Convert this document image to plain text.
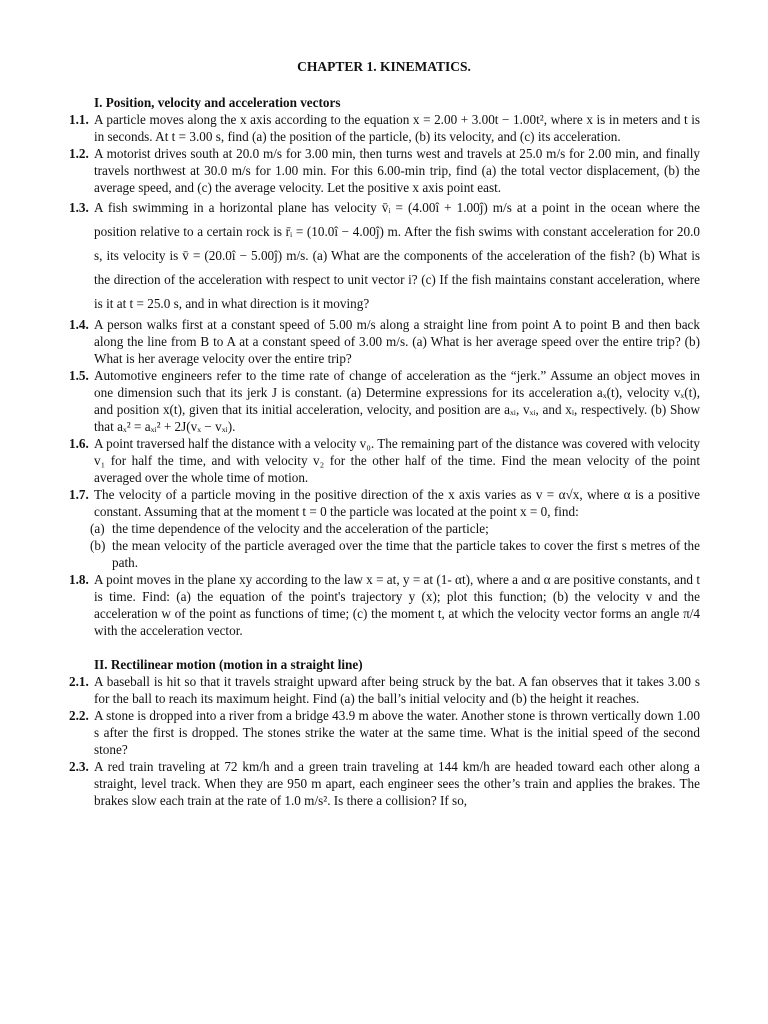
CHAPTER 1. KINEMATICS.
I. Position, velocity and acceleration vectors
1.1. A particle moves along the x axis according to the equation x = 2.00 + 3.00t − 1.00t², where x is in meters and t is in seconds. At t = 3.00 s, find (a) the position of the particle, (b) its velocity, and (c) its acceleration.
1.2. A motorist drives south at 20.0 m/s for 3.00 min, then turns west and travels at 25.0 m/s for 2.00 min, and finally travels northwest at 30.0 m/s for 1.00 min. For this 6.00-min trip, find (a) the total vector displacement, (b) the average speed, and (c) the average velocity. Let the positive x axis point east.
1.3. A fish swimming in a horizontal plane has velocity v̄ᵢ = (4.00î + 1.00ĵ) m/s at a point in the ocean where the position relative to a certain rock is r̄ᵢ = (10.0î − 4.00ĵ) m. After the fish swims with constant acceleration for 20.0 s, its velocity is v̄ = (20.0î − 5.00ĵ) m/s. (a) What are the components of the acceleration of the fish? (b) What is the direction of the acceleration with respect to unit vector i? (c) If the fish maintains constant acceleration, where is it at t = 25.0 s, and in what direction is it moving?
1.4. A person walks first at a constant speed of 5.00 m/s along a straight line from point A to point B and then back along the line from B to A at a constant speed of 3.00 m/s. (a) What is her average speed over the entire trip? (b) What is her average velocity over the entire trip?
1.5. Automotive engineers refer to the time rate of change of acceleration as the “jerk.” Assume an object moves in one dimension such that its jerk J is constant. (a) Determine expressions for its acceleration aₓ(t), velocity vₓ(t), and position x(t), given that its initial acceleration, velocity, and position are aₓᵢ, vₓᵢ, and xᵢ, respectively. (b) Show that aₓ² = aₓᵢ² + 2J(vₓ − vₓᵢ).
1.6. A point traversed half the distance with a velocity v₀. The remaining part of the distance was covered with velocity v₁ for half the time, and with velocity v₂ for the other half of the time. Find the mean velocity of the point averaged over the whole time of motion.
1.7. The velocity of a particle moving in the positive direction of the x axis varies as v = α√x, where α is a positive constant. Assuming that at the moment t = 0 the particle was located at the point x = 0, find:
(a) the time dependence of the velocity and the acceleration of the particle;
(b) the mean velocity of the particle averaged over the time that the particle takes to cover the first s metres of the path.
1.8. A point moves in the plane xy according to the law x = at, y = at (1- αt), where a and α are positive constants, and t is time. Find: (a) the equation of the point's trajectory y (x); plot this function; (b) the velocity v and the acceleration w of the point as functions of time; (c) the moment t, at which the velocity vector forms an angle π/4 with the acceleration vector.
II. Rectilinear motion (motion in a straight line)
2.1. A baseball is hit so that it travels straight upward after being struck by the bat. A fan observes that it takes 3.00 s for the ball to reach its maximum height. Find (a) the ball’s initial velocity and (b) the height it reaches.
2.2. A stone is dropped into a river from a bridge 43.9 m above the water. Another stone is thrown vertically down 1.00 s after the first is dropped. The stones strike the water at the same time. What is the initial speed of the second stone?
2.3. A red train traveling at 72 km/h and a green train traveling at 144 km/h are headed toward each other along a straight, level track. When they are 950 m apart, each engineer sees the other’s train and applies the brakes. The brakes slow each train at the rate of 1.0 m/s². Is there a collision? If so,
